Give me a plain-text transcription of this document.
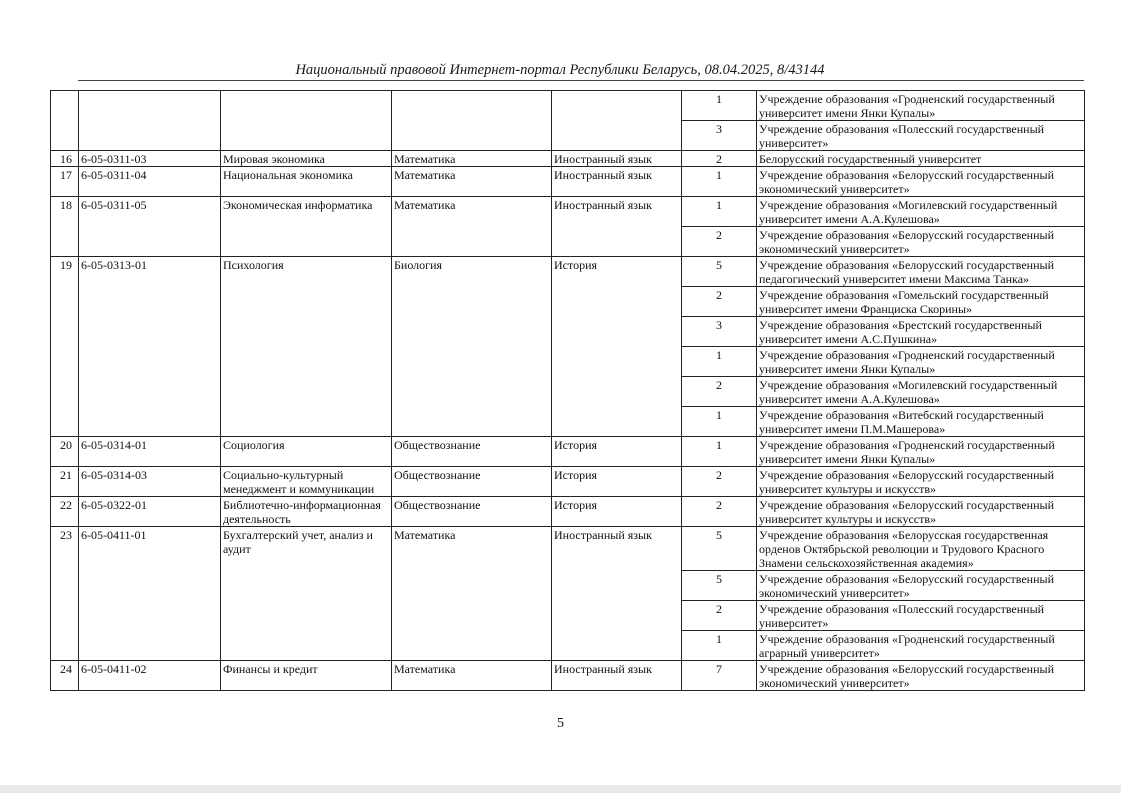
Национальный правовой Интернет-портал Республики Беларусь, 08.04.2025, 8/43144
					1	Учреждение образования «Гродненский государственный университет имени Янки Купалы»
					3	Учреждение образования «Полесский государственный университет»
16	6-05-0311-03	Мировая экономика	Математика	Иностранный язык	2	Белорусский государственный университет
17	6-05-0311-04	Национальная экономика	Математика	Иностранный язык	1	Учреждение образования «Белорусский государственный экономический университет»
18	6-05-0311-05	Экономическая информатика	Математика	Иностранный язык	1	Учреждение образования «Могилевский государственный университет имени А.А.Кулешова»
					2	Учреждение образования «Белорусский государственный экономический университет»
19	6-05-0313-01	Психология	Биология	История	5	Учреждение образования «Белорусский государственный педагогический университет имени Максима Танка»
					2	Учреждение образования «Гомельский государственный университет имени Франциска Скорины»
					3	Учреждение образования «Брестский государственный университет имени А.С.Пушкина»
					1	Учреждение образования «Гродненский государственный университет имени Янки Купалы»
					2	Учреждение образования «Могилевский государственный университет имени А.А.Кулешова»
					1	Учреждение образования «Витебский государственный университет имени П.М.Машерова»
20	6-05-0314-01	Социология	Обществознание	История	1	Учреждение образования «Гродненский государственный университет имени Янки Купалы»
21	6-05-0314-03	Социально-культурный менеджмент и коммуникации	Обществознание	История	2	Учреждение образования «Белорусский государственный университет культуры и искусств»
22	6-05-0322-01	Библиотечно-информационная деятельность	Обществознание	История	2	Учреждение образования «Белорусский государственный университет культуры и искусств»
23	6-05-0411-01	Бухгалтерский учет, анализ и аудит	Математика	Иностранный язык	5	Учреждение образования «Белорусская государственная орденов Октябрьской революции и Трудового Красного Знамени сельскохозяйственная академия»
					5	Учреждение образования «Белорусский государственный экономический университет»
					2	Учреждение образования «Полесский государственный университет»
					1	Учреждение образования «Гродненский государственный аграрный университет»
24	6-05-0411-02	Финансы и кредит	Математика	Иностранный язык	7	Учреждение образования «Белорусский государственный экономический университет»
5
